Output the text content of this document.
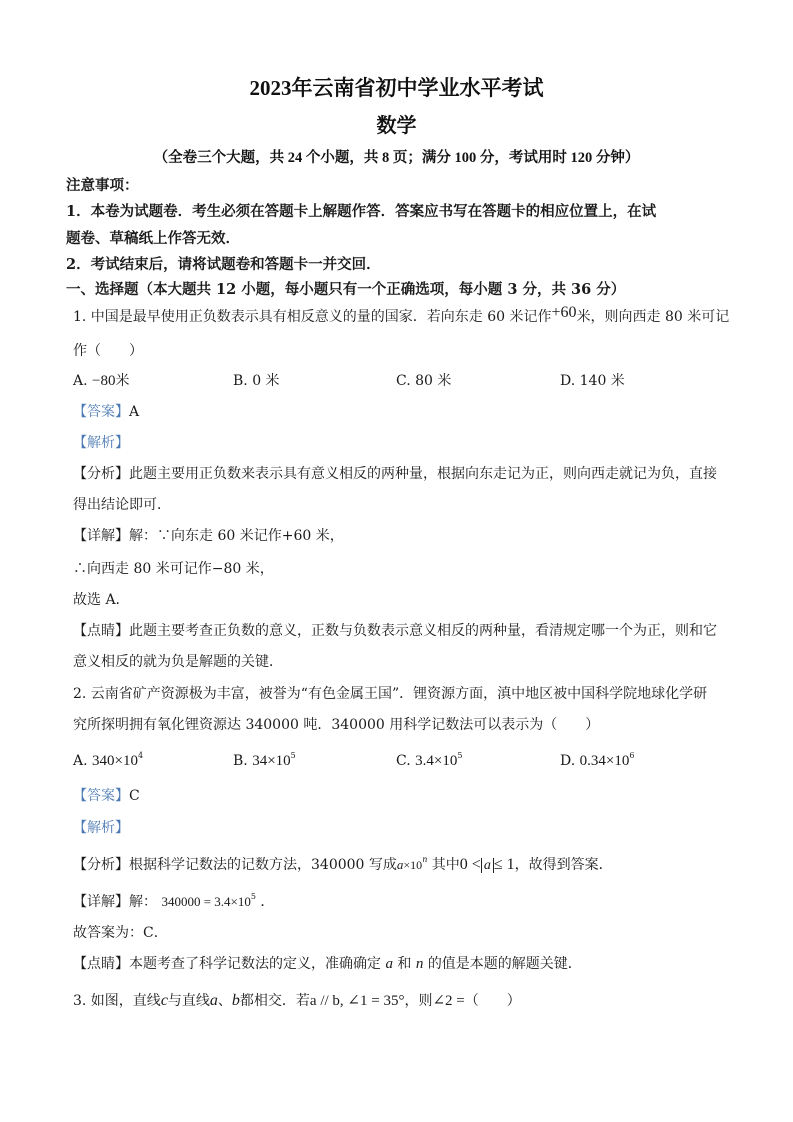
2023年云南省初中学业水平考试
数学
（全卷三个大题，共 24 个小题，共 8 页；满分 100 分，考试用时 120 分钟）
注意事项：
1．本卷为试题卷．考生必须在答题卡上解题作答．答案应书写在答题卡的相应位置上，在试
题卷、草稿纸上作答无效．
2．考试结束后，请将试题卷和答题卡一并交回．
一、选择题（本大题共 12 小题，每小题只有一个正确选项，每小题 3 分，共 36 分）
1. 中国是最早使用正负数表示具有相反意义的量的国家．若向东走 60 米记作+60米，则向西走 80 米可记
作（　　）
A. −80米	B. 0 米	C. 80 米	D. 140 米
【答案】A
【解析】
【分析】此题主要用正负数来表示具有意义相反的两种量，根据向东走记为正，则向西走就记为负，直接
得出结论即可．
【详解】解：∵向东走 60 米记作+60 米，
∴向西走 80 米可记作−80 米，
故选 A．
【点睛】此题主要考查正负数的意义，正数与负数表示意义相反的两种量，看清规定哪一个为正，则和它
意义相反的就为负是解题的关键．
2. 云南省矿产资源极为丰富，被誉为“有色金属王国”．锂资源方面，滇中地区被中国科学院地球化学研
究所探明拥有氧化锂资源达 340000 吨．340000 用科学记数法可以表示为（　　）
A. $340\times 10^4$	B. $34\times 10^5$	C. $3.4\times 10^5$	D. $0.34\times 10^6$
【答案】C
【解析】
【分析】根据科学记数法的记数方法，340000 写成$a\times 10^n$ 其中0 < a ≤ 1，故得到答案．
【详解】解： $340000 = 3.4\times 10^5$ ．
故答案为：C．
【点睛】本题考查了科学记数法的定义，准确确定 a 和 n 的值是本题的解题关键．
3. 如图，直线c与直线a、b都相交．若a // b, ∠1 = 35°，则∠2 =（　　）
